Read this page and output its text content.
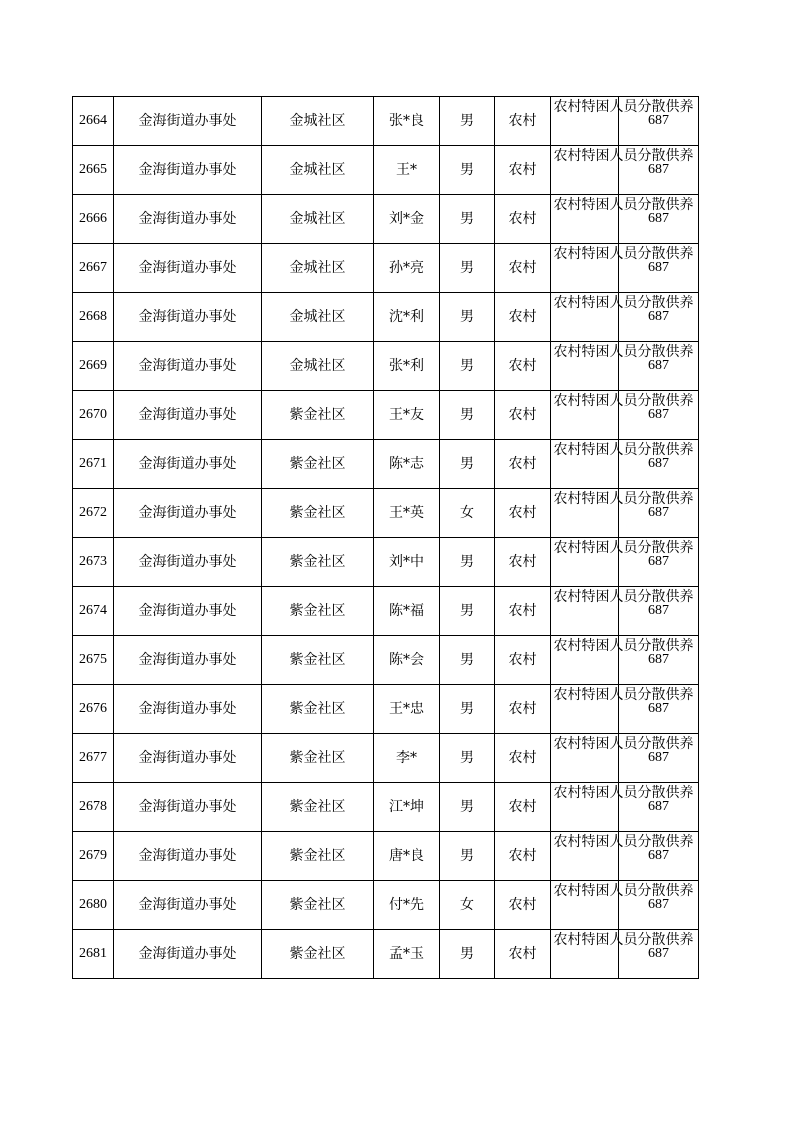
2664	金海街道办事处	金城社区	张*良	男	农村	农村特困人员分散供养	687
2665	金海街道办事处	金城社区	王*	男	农村	农村特困人员分散供养	687
2666	金海街道办事处	金城社区	刘*金	男	农村	农村特困人员分散供养	687
2667	金海街道办事处	金城社区	孙*亮	男	农村	农村特困人员分散供养	687
2668	金海街道办事处	金城社区	沈*利	男	农村	农村特困人员分散供养	687
2669	金海街道办事处	金城社区	张*利	男	农村	农村特困人员分散供养	687
2670	金海街道办事处	紫金社区	王*友	男	农村	农村特困人员分散供养	687
2671	金海街道办事处	紫金社区	陈*志	男	农村	农村特困人员分散供养	687
2672	金海街道办事处	紫金社区	王*英	女	农村	农村特困人员分散供养	687
2673	金海街道办事处	紫金社区	刘*中	男	农村	农村特困人员分散供养	687
2674	金海街道办事处	紫金社区	陈*福	男	农村	农村特困人员分散供养	687
2675	金海街道办事处	紫金社区	陈*会	男	农村	农村特困人员分散供养	687
2676	金海街道办事处	紫金社区	王*忠	男	农村	农村特困人员分散供养	687
2677	金海街道办事处	紫金社区	李*	男	农村	农村特困人员分散供养	687
2678	金海街道办事处	紫金社区	江*坤	男	农村	农村特困人员分散供养	687
2679	金海街道办事处	紫金社区	唐*良	男	农村	农村特困人员分散供养	687
2680	金海街道办事处	紫金社区	付*先	女	农村	农村特困人员分散供养	687
2681	金海街道办事处	紫金社区	孟*玉	男	农村	农村特困人员分散供养	687
